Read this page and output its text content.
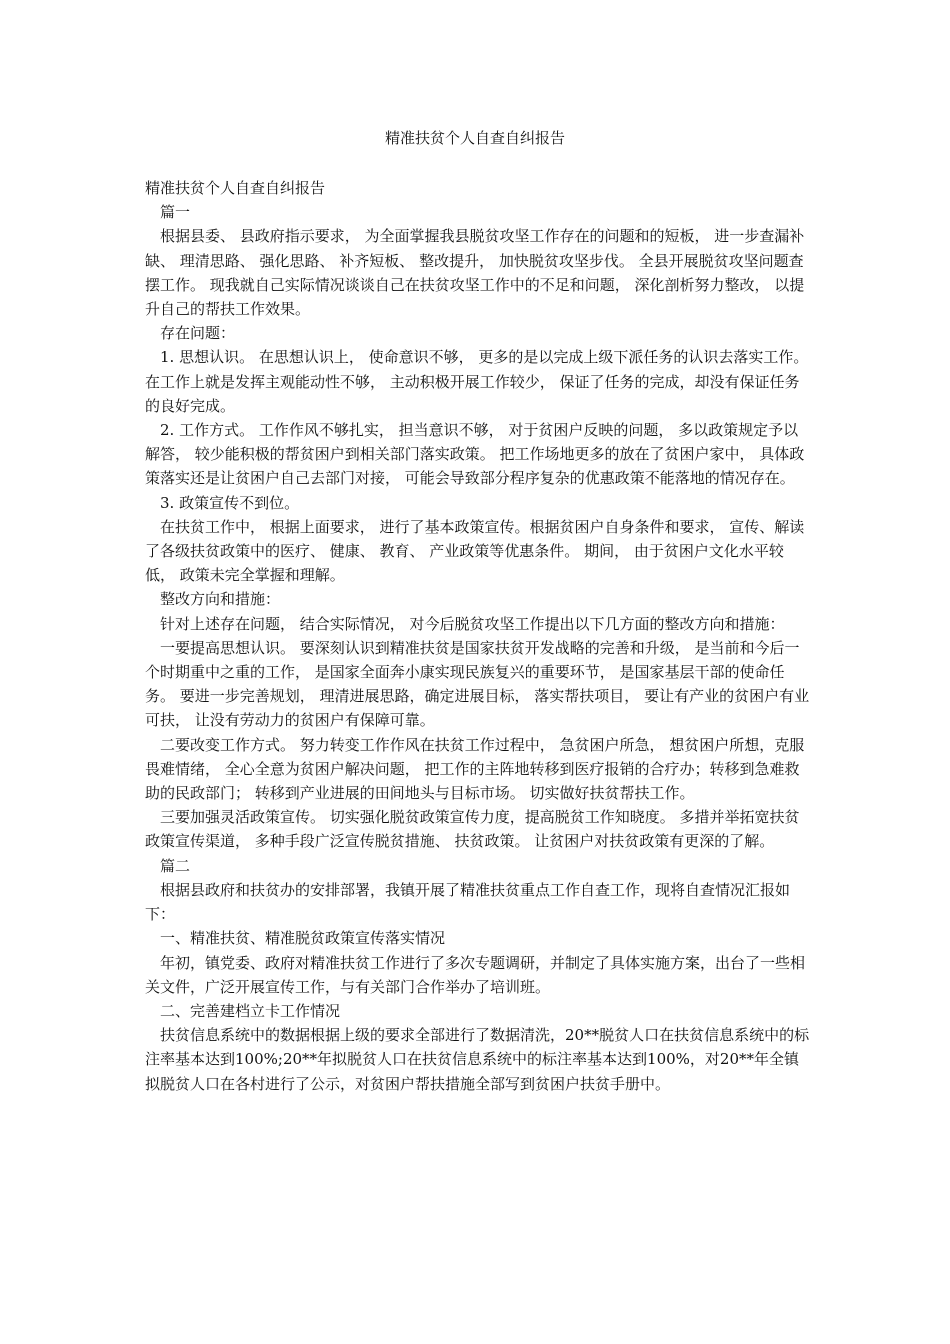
精准扶贫个人自查自纠报告

精准扶贫个人自查自纠报告

篇一

根据县委、 县政府指示要求， 为全面掌握我县脱贫攻坚工作存在的问题和的短板， 进一步查漏补缺、 理清思路、 强化思路、 补齐短板、 整改提升， 加快脱贫攻坚步伐。 全县开展脱贫攻坚问题查摆工作。 现我就自己实际情况谈谈自己在扶贫攻坚工作中的不足和问题， 深化剖析努力整改， 以提升自己的帮扶工作效果。

存在问题：

1. 思想认识。 在思想认识上， 使命意识不够， 更多的是以完成上级下派任务的认识去落实工作。 在工作上就是发挥主观能动性不够， 主动积极开展工作较少， 保证了任务的完成，却没有保证任务的良好完成。

2. 工作方式。 工作作风不够扎实， 担当意识不够， 对于贫困户反映的问题， 多以政策规定予以解答， 较少能积极的帮贫困户到相关部门落实政策。 把工作场地更多的放在了贫困户家中， 具体政策落实还是让贫困户自己去部门对接， 可能会导致部分程序复杂的优惠政策不能落地的情况存在。

3. 政策宣传不到位。

在扶贫工作中， 根据上面要求， 进行了基本政策宣传。根据贫困户自身条件和要求， 宣传、解读了各级扶贫政策中的医疗、 健康、 教育、 产业政策等优惠条件。 期间， 由于贫困户文化水平较低， 政策未完全掌握和理解。

整改方向和措施：

针对上述存在问题， 结合实际情况， 对今后脱贫攻坚工作提出以下几方面的整改方向和措施：

一要提高思想认识。 要深刻认识到精准扶贫是国家扶贫开发战略的完善和升级， 是当前和今后一个时期重中之重的工作， 是国家全面奔小康实现民族复兴的重要环节， 是国家基层干部的使命任务。 要进一步完善规划， 理清进展思路，确定进展目标， 落实帮扶项目， 要让有产业的贫困户有业可扶， 让没有劳动力的贫困户有保障可靠。

二要改变工作方式。 努力转变工作作风在扶贫工作过程中， 急贫困户所急， 想贫困户所想，克服畏难情绪， 全心全意为贫困户解决问题， 把工作的主阵地转移到医疗报销的合疗办；转移到急难救助的民政部门； 转移到产业进展的田间地头与目标市场。 切实做好扶贫帮扶工作。

三要加强灵活政策宣传。 切实强化脱贫政策宣传力度，提高脱贫工作知晓度。 多措并举拓宽扶贫政策宣传渠道， 多种手段广泛宣传脱贫措施、 扶贫政策。 让贫困户对扶贫政策有更深的了解。

篇二

根据县政府和扶贫办的安排部署，我镇开展了精准扶贫重点工作自查工作，现将自查情况汇报如下：

一、精准扶贫、精准脱贫政策宣传落实情况

年初，镇党委、政府对精准扶贫工作进行了多次专题调研，并制定了具体实施方案，出台了一些相关文件，广泛开展宣传工作，与有关部门合作举办了培训班。

二、完善建档立卡工作情况

扶贫信息系统中的数据根据上级的要求全部进行了数据清洗，20**脱贫人口在扶贫信息系统中的标注率基本达到100%;20**年拟脱贫人口在扶贫信息系统中的标注率基本达到100%，对20**年全镇拟脱贫人口在各村进行了公示，对贫困户帮扶措施全部写到贫困户扶贫手册中。
